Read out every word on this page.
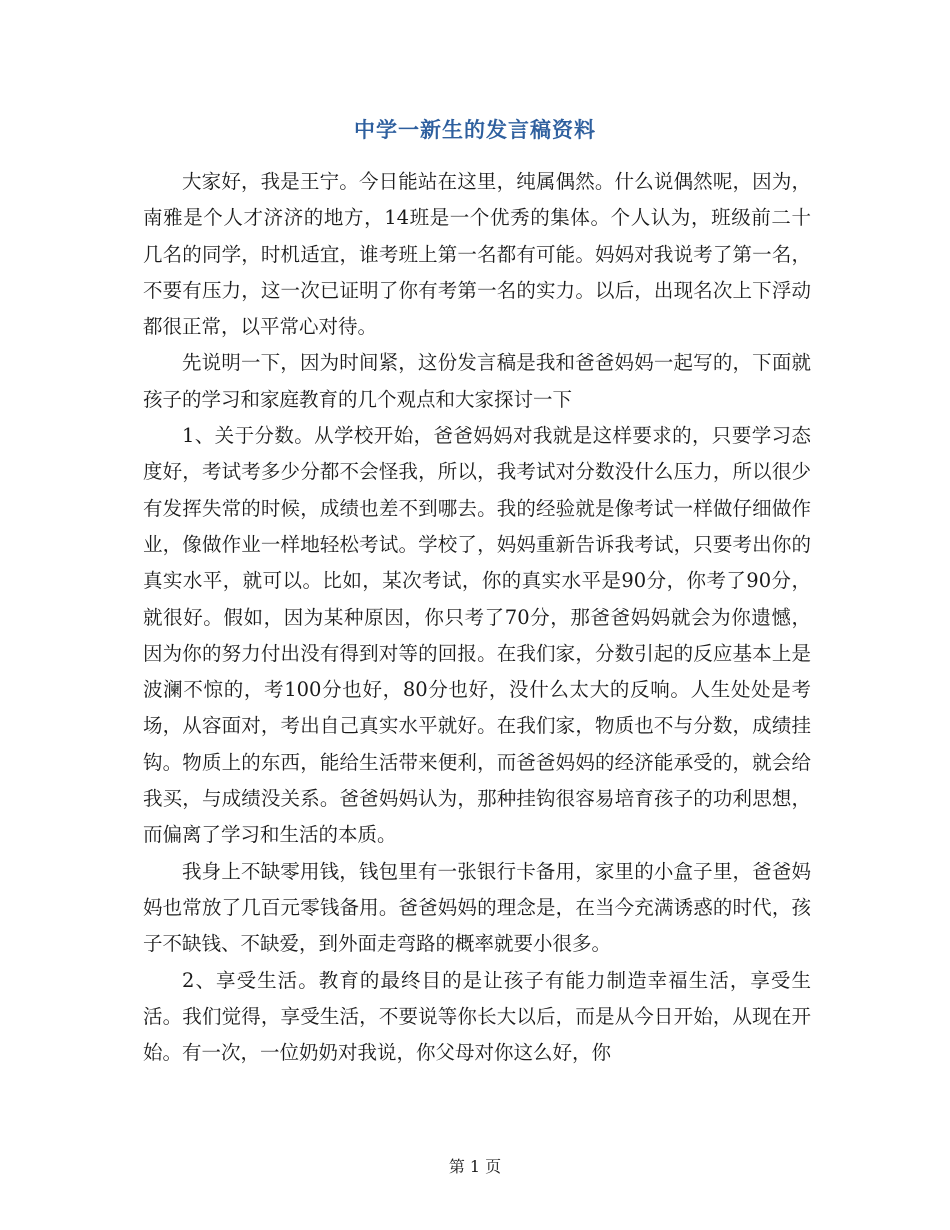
中学一新生的发言稿资料

大家好，我是王宁。今日能站在这里，纯属偶然。什么说偶然呢，因为，南雅是个人才济济的地方，14班是一个优秀的集体。个人认为，班级前二十几名的同学，时机适宜，谁考班上第一名都有可能。妈妈对我说考了第一名，不要有压力，这一次已证明了你有考第一名的实力。以后，出现名次上下浮动都很正常，以平常心对待。

先说明一下，因为时间紧，这份发言稿是我和爸爸妈妈一起写的，下面就孩子的学习和家庭教育的几个观点和大家探讨一下

1、关于分数。从学校开始，爸爸妈妈对我就是这样要求的，只要学习态度好，考试考多少分都不会怪我，所以，我考试对分数没什么压力，所以很少有发挥失常的时候，成绩也差不到哪去。我的经验就是像考试一样做仔细做作业，像做作业一样地轻松考试。学校了，妈妈重新告诉我考试，只要考出你的真实水平，就可以。比如，某次考试，你的真实水平是90分，你考了90分，就很好。假如，因为某种原因，你只考了70分，那爸爸妈妈就会为你遗憾，因为你的努力付出没有得到对等的回报。在我们家，分数引起的反应基本上是波澜不惊的，考100分也好，80分也好，没什么太大的反响。人生处处是考场，从容面对，考出自己真实水平就好。在我们家，物质也不与分数，成绩挂钩。物质上的东西，能给生活带来便利，而爸爸妈妈的经济能承受的，就会给我买，与成绩没关系。爸爸妈妈认为，那种挂钩很容易培育孩子的功利思想，而偏离了学习和生活的本质。

我身上不缺零用钱，钱包里有一张银行卡备用，家里的小盒子里，爸爸妈妈也常放了几百元零钱备用。爸爸妈妈的理念是，在当今充满诱惑的时代，孩子不缺钱、不缺爱，到外面走弯路的概率就要小很多。

2、享受生活。教育的最终目的是让孩子有能力制造幸福生活，享受生活。我们觉得，享受生活，不要说等你长大以后，而是从今日开始，从现在开始。有一次，一位奶奶对我说，你父母对你这么好，你

第 1 页
